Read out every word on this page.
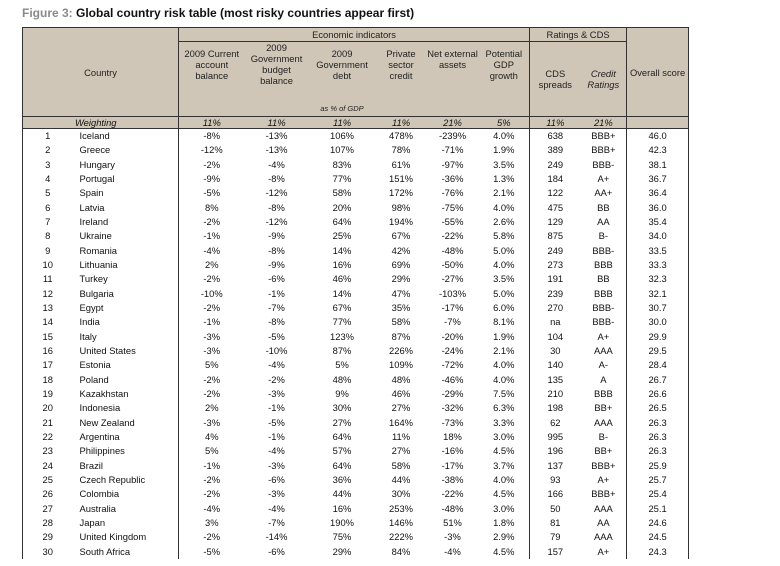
Figure 3: Global country risk table (most risky countries appear first)
Country		Economic indicators						Ratings & CDS		Overall score
		2009 Current account balance	2009 Government budget balance	2009 Government debt
as % of GDP	Private sector credit	Net external assets	Potential GDP growth	CDS spreads	Credit Ratings	
Weighting		11%	11%	11%	11%	21%	5%	11%	21%	
1	Iceland	-8%	-13%	106%	478%	-239%	4.0%	638	BBB+	46.0
2	Greece	-12%	-13%	107%	78%	-71%	1.9%	389	BBB+	42.3
3	Hungary	-2%	-4%	83%	61%	-97%	3.5%	249	BBB-	38.1
4	Portugal	-9%	-8%	77%	151%	-36%	1.3%	184	A+	36.7
5	Spain	-5%	-12%	58%	172%	-76%	2.1%	122	AA+	36.4
6	Latvia	8%	-8%	20%	98%	-75%	4.0%	475	BB	36.0
7	Ireland	-2%	-12%	64%	194%	-55%	2.6%	129	AA	35.4
8	Ukraine	-1%	-9%	25%	67%	-22%	5.8%	875	B-	34.0
9	Romania	-4%	-8%	14%	42%	-48%	5.0%	249	BBB-	33.5
10	Lithuania	2%	-9%	16%	69%	-50%	4.0%	273	BBB	33.3
11	Turkey	-2%	-6%	46%	29%	-27%	3.5%	191	BB	32.3
12	Bulgaria	-10%	-1%	14%	47%	-103%	5.0%	239	BBB	32.1
13	Egypt	-2%	-7%	67%	35%	-17%	6.0%	270	BBB-	30.7
14	India	-1%	-8%	77%	58%	-7%	8.1%	na	BBB-	30.0
15	Italy	-3%	-5%	123%	87%	-20%	1.9%	104	A+	29.9
16	United States	-3%	-10%	87%	226%	-24%	2.1%	30	AAA	29.5
17	Estonia	5%	-4%	5%	109%	-72%	4.0%	140	A-	28.4
18	Poland	-2%	-2%	48%	48%	-46%	4.0%	135	A	26.7
19	Kazakhstan	-2%	-3%	9%	46%	-29%	7.5%	210	BBB	26.6
20	Indonesia	2%	-1%	30%	27%	-32%	6.3%	198	BB+	26.5
21	New Zealand	-3%	-5%	27%	164%	-73%	3.3%	62	AAA	26.3
22	Argentina	4%	-1%	64%	11%	18%	3.0%	995	B-	26.3
23	Philippines	5%	-4%	57%	27%	-16%	4.5%	196	BB+	26.3
24	Brazil	-1%	-3%	64%	58%	-17%	3.7%	137	BBB+	25.9
25	Czech Republic	-2%	-6%	36%	44%	-38%	4.0%	93	A+	25.7
26	Colombia	-2%	-3%	44%	30%	-22%	4.5%	166	BBB+	25.4
27	Australia	-4%	-4%	16%	253%	-48%	3.0%	50	AAA	25.1
28	Japan	3%	-7%	190%	146%	51%	1.8%	81	AA	24.6
29	United Kingdom	-2%	-14%	75%	222%	-3%	2.9%	79	AAA	24.5
30	South Africa	-5%	-6%	29%	84%	-4%	4.5%	157	A+	24.3
